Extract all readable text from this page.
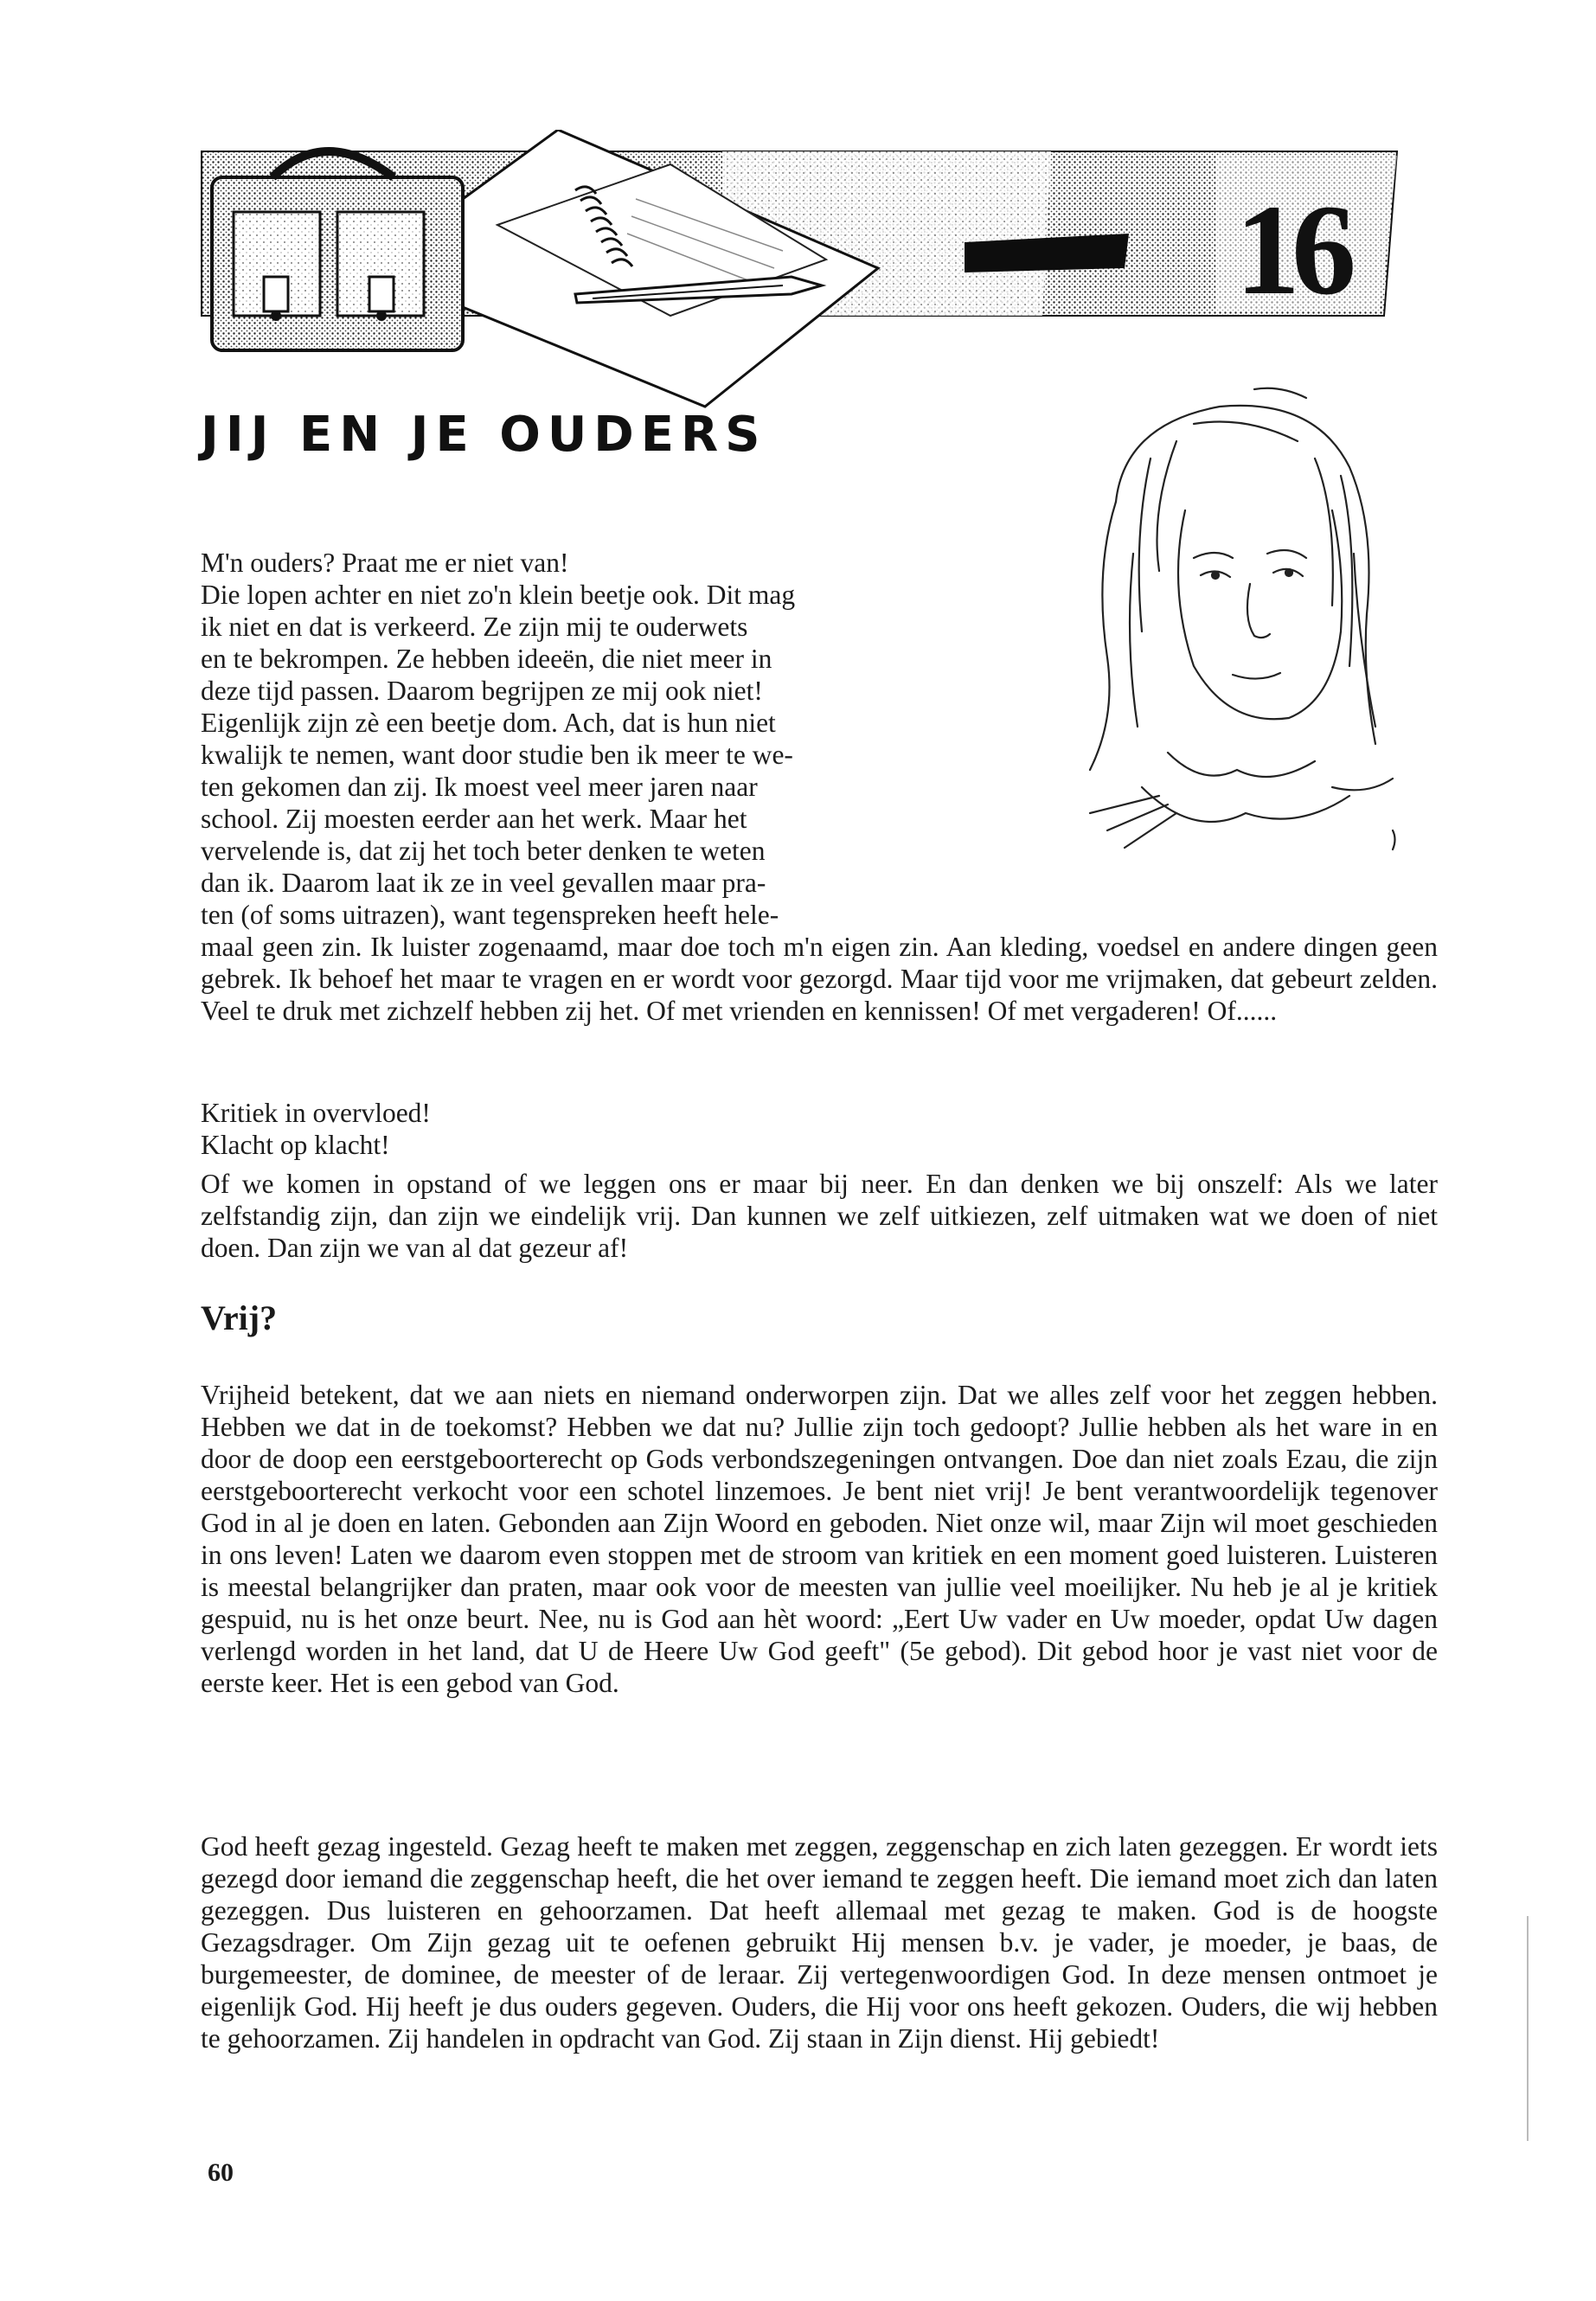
16
JIJ EN JE OUDERS
M'n ouders? Praat me er niet van!
Die lopen achter en niet zo'n klein beetje ook. Dit mag
ik niet en dat is verkeerd. Ze zijn mij te ouderwets
en te bekrompen. Ze hebben ideeën, die niet meer in
deze tijd passen. Daarom begrijpen ze mij ook niet!
Eigenlijk zijn zè een beetje dom. Ach, dat is hun niet
kwalijk te nemen, want door studie ben ik meer te we-
ten gekomen dan zij. Ik moest veel meer jaren naar
school. Zij moesten eerder aan het werk. Maar het
vervelende is, dat zij het toch beter denken te weten
dan ik. Daarom laat ik ze in veel gevallen maar pra-
ten (of soms uitrazen), want tegenspreken heeft hele-

maal geen zin. Ik luister zogenaamd, maar doe toch m'n eigen zin. Aan kleding, voedsel en andere dingen geen gebrek. Ik behoef het maar te vragen en er wordt voor gezorgd. Maar tijd voor me vrijmaken, dat gebeurt zelden. Veel te druk met zichzelf hebben zij het. Of met vrienden en kennissen! Of met vergaderen! Of......

Kritiek in overvloed!
Klacht op klacht!

Of we komen in opstand of we leggen ons er maar bij neer. En dan denken we bij onszelf: Als we later zelfstandig zijn, dan zijn we eindelijk vrij. Dan kunnen we zelf uitkiezen, zelf uitmaken wat we doen of niet doen. Dan zijn we van al dat gezeur af!

Vrij?

Vrijheid betekent, dat we aan niets en niemand onderworpen zijn. Dat we alles zelf voor het zeggen hebben. Hebben we dat in de toekomst? Hebben we dat nu? Jullie zijn toch gedoopt? Jullie hebben als het ware in en door de doop een eerstgeboorterecht op Gods verbondszegeningen ontvangen. Doe dan niet zoals Ezau, die zijn eerstgeboorterecht verkocht voor een schotel linzemoes. Je bent niet vrij! Je bent verantwoordelijk tegenover God in al je doen en laten. Gebonden aan Zijn Woord en geboden. Niet onze wil, maar Zijn wil moet geschieden in ons leven! Laten we daarom even stoppen met de stroom van kritiek en een moment goed luisteren. Luisteren is meestal belangrijker dan praten, maar ook voor de meesten van jullie veel moeilijker. Nu heb je al je kritiek gespuid, nu is het onze beurt. Nee, nu is God aan hèt woord: „Eert Uw vader en Uw moeder, opdat Uw dagen verlengd worden in het land, dat U de Heere Uw God geeft" (5e gebod). Dit gebod hoor je vast niet voor de eerste keer. Het is een gebod van God.

God heeft gezag ingesteld. Gezag heeft te maken met zeggen, zeggenschap en zich laten gezeggen. Er wordt iets gezegd door iemand die zeggenschap heeft, die het over iemand te zeggen heeft. Die iemand moet zich dan laten gezeggen. Dus luisteren en gehoorzamen. Dat heeft allemaal met gezag te maken. God is de hoogste Gezagsdrager. Om Zijn gezag uit te oefenen gebruikt Hij mensen b.v. je vader, je moeder, je baas, de burgemeester, de dominee, de meester of de leraar. Zij vertegenwoordigen God. In deze mensen ontmoet je eigenlijk God. Hij heeft je dus ouders gegeven. Ouders, die Hij voor ons heeft gekozen. Ouders, die wij hebben te gehoorzamen. Zij handelen in opdracht van God. Zij staan in Zijn dienst. Hij gebiedt!

60
